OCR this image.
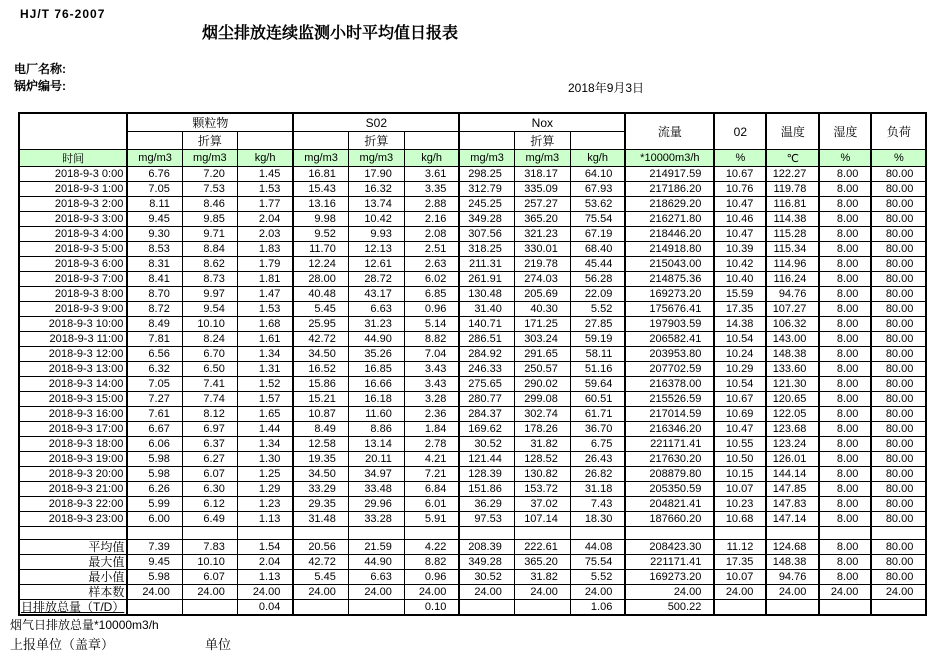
HJ/T 76-2007
烟尘排放连续监测小时平均值日报表
电厂名称:
锅炉编号:	2018年9月3日
	颗粒物			S02			Nox			流量	02	温度	湿度	负荷
		折算			折算			折算						
时间	mg/m3	mg/m3	kg/h	mg/m3	mg/m3	kg/h	mg/m3	mg/m3	kg/h	*10000m3/h	%	℃	%	%
2018-9-3 0:00	6.76	7.20	1.45	16.81	17.90	3.61	298.25	318.17	64.10	214917.59	10.67	122.27	8.00	80.00
2018-9-3 1:00	7.05	7.53	1.53	15.43	16.32	3.35	312.79	335.09	67.93	217186.20	10.76	119.78	8.00	80.00
2018-9-3 2:00	8.11	8.46	1.77	13.16	13.74	2.88	245.25	257.27	53.62	218629.20	10.47	116.81	8.00	80.00
2018-9-3 3:00	9.45	9.85	2.04	9.98	10.42	2.16	349.28	365.20	75.54	216271.80	10.46	114.38	8.00	80.00
2018-9-3 4:00	9.30	9.71	2.03	9.52	9.93	2.08	307.56	321.23	67.19	218446.20	10.47	115.28	8.00	80.00
2018-9-3 5:00	8.53	8.84	1.83	11.70	12.13	2.51	318.25	330.01	68.40	214918.80	10.39	115.34	8.00	80.00
2018-9-3 6:00	8.31	8.62	1.79	12.24	12.61	2.63	211.31	219.78	45.44	215043.00	10.42	114.96	8.00	80.00
2018-9-3 7:00	8.41	8.73	1.81	28.00	28.72	6.02	261.91	274.03	56.28	214875.36	10.40	116.24	8.00	80.00
2018-9-3 8:00	8.70	9.97	1.47	40.48	43.17	6.85	130.48	205.69	22.09	169273.20	15.59	94.76	8.00	80.00
2018-9-3 9:00	8.72	9.54	1.53	5.45	6.63	0.96	31.40	40.30	5.52	175676.41	17.35	107.27	8.00	80.00
2018-9-3 10:00	8.49	10.10	1.68	25.95	31.23	5.14	140.71	171.25	27.85	197903.59	14.38	106.32	8.00	80.00
2018-9-3 11:00	7.81	8.24	1.61	42.72	44.90	8.82	286.51	303.24	59.19	206582.41	10.54	143.00	8.00	80.00
2018-9-3 12:00	6.56	6.70	1.34	34.50	35.26	7.04	284.92	291.65	58.11	203953.80	10.24	148.38	8.00	80.00
2018-9-3 13:00	6.32	6.50	1.31	16.52	16.85	3.43	246.33	250.57	51.16	207702.59	10.29	133.60	8.00	80.00
2018-9-3 14:00	7.05	7.41	1.52	15.86	16.66	3.43	275.65	290.02	59.64	216378.00	10.54	121.30	8.00	80.00
2018-9-3 15:00	7.27	7.74	1.57	15.21	16.18	3.28	280.77	299.08	60.51	215526.59	10.67	120.65	8.00	80.00
2018-9-3 16:00	7.61	8.12	1.65	10.87	11.60	2.36	284.37	302.74	61.71	217014.59	10.69	122.05	8.00	80.00
2018-9-3 17:00	6.67	6.97	1.44	8.49	8.86	1.84	169.62	178.26	36.70	216346.20	10.47	123.68	8.00	80.00
2018-9-3 18:00	6.06	6.37	1.34	12.58	13.14	2.78	30.52	31.82	6.75	221171.41	10.55	123.24	8.00	80.00
2018-9-3 19:00	5.98	6.27	1.30	19.35	20.11	4.21	121.44	128.52	26.43	217630.20	10.50	126.01	8.00	80.00
2018-9-3 20:00	5.98	6.07	1.25	34.50	34.97	7.21	128.39	130.82	26.82	208879.80	10.15	144.14	8.00	80.00
2018-9-3 21:00	6.26	6.30	1.29	33.29	33.48	6.84	151.86	153.72	31.18	205350.59	10.07	147.85	8.00	80.00
2018-9-3 22:00	5.99	6.12	1.23	29.35	29.96	6.01	36.29	37.02	7.43	204821.41	10.23	147.83	8.00	80.00
2018-9-3 23:00	6.00	6.49	1.13	31.48	33.28	5.91	97.53	107.14	18.30	187660.20	10.68	147.14	8.00	80.00

平均值	7.39	7.83	1.54	20.56	21.59	4.22	208.39	222.61	44.08	208423.30	11.12	124.68	8.00	80.00
最大值	9.45	10.10	2.04	42.72	44.90	8.82	349.28	365.20	75.54	221171.41	17.35	148.38	8.00	80.00
最小值	5.98	6.07	1.13	5.45	6.63	0.96	30.52	31.82	5.52	169273.20	10.07	94.76	8.00	80.00
样本数	24.00	24.00	24.00	24.00	24.00	24.00	24.00	24.00	24.00	24.00	24.00	24.00	24.00	24.00
日排放总量（T/D）			0.04			0.10			1.06	500.22				
烟气日排放总量*10000m3/h
上报单位（盖章）	单位
